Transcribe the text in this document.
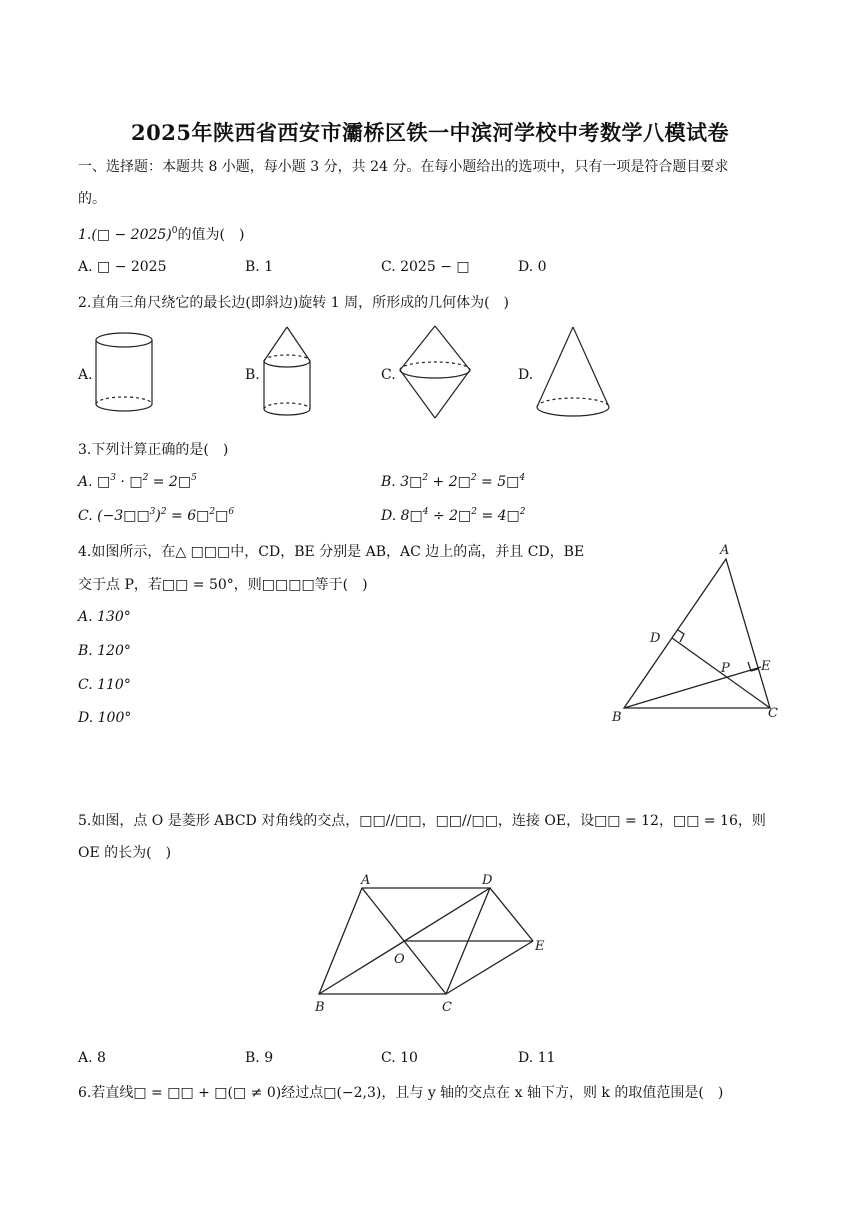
2025年陕西省西安市灞桥区铁一中滨河学校中考数学八模试卷
一、选择题：本题共 8 小题，每小题 3 分，共 24 分。在每小题给出的选项中，只有一项是符合题目要求
的。
1.(□ − 2025)$^0$的值为(　)
A. □ − 2025	B. 1	C. 2025 − □	D. 0
2.直角三角尺绕它的最长边(即斜边)旋转 1 周，所形成的几何体为(　)
A.	B.	C.	D.
3.下列计算正确的是(　)
A. □$^3$ · □$^2$ = 2□$^5$	B. 3□$^2$ + 2□$^2$ = 5□$^4$
C. (−3□□$^3$)$^2$ = 6□$^2$□$^6$	D. 8□$^4$ ÷ 2□$^2$ = 4□$^2$
4.如图所示，在△ □□□中，CD，BE 分别是 AB，AC 边上的高，并且 CD，BE
交于点 P，若□□ = 50°，则□□□□等于(　)
A. 130°
B. 120°
C. 110°
D. 100°
A
B	C
D
E
P
5.如图，点 O 是菱形 ABCD 对角线的交点，□□//□□，□□//□□，连接 OE，设□□ = 12，□□ = 16，则
OE 的长为(　)
A	D
B	C
E
O
A. 8	B. 9	C. 10	D. 11
6.若直线□ = □□ + □(□ ≠ 0)经过点□(−2,3)，且与 y 轴的交点在 x 轴下方，则 k 的取值范围是(　)
